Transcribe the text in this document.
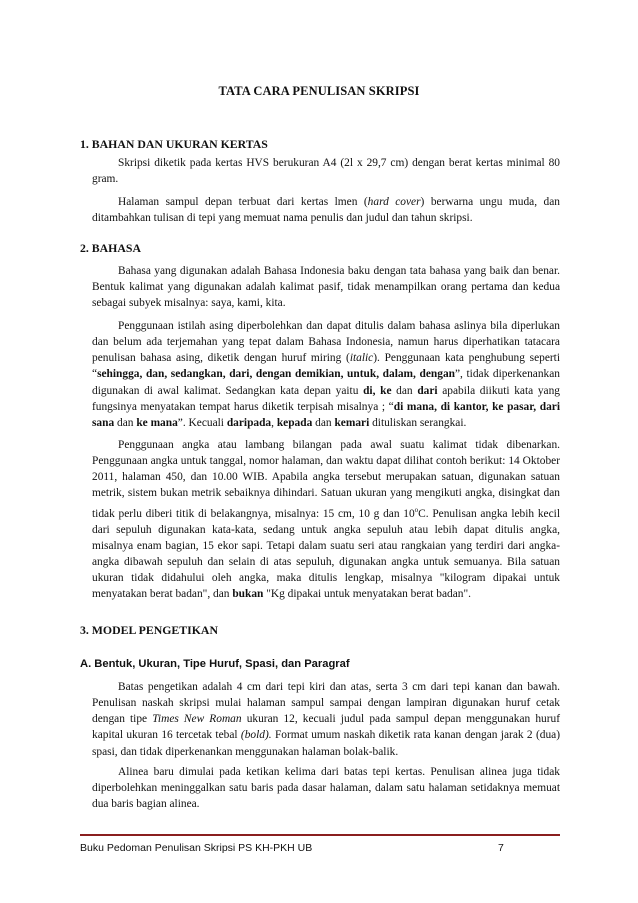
TATA CARA PENULISAN SKRIPSI
1. BAHAN DAN UKURAN KERTAS
Skripsi diketik pada kertas HVS berukuran A4 (2l x 29,7 cm) dengan berat kertas minimal 80 gram.
Halaman sampul depan terbuat dari kertas lmen (hard cover) berwarna ungu muda, dan ditambahkan tulisan di tepi yang memuat nama penulis dan judul dan tahun skripsi.
2. BAHASA
Bahasa yang digunakan adalah Bahasa Indonesia baku dengan tata bahasa yang baik dan benar. Bentuk kalimat yang digunakan adalah kalimat pasif, tidak menampilkan orang pertama dan kedua sebagai subyek misalnya: saya, kami, kita.
Penggunaan istilah asing diperbolehkan dan dapat ditulis dalam bahasa aslinya bila diperlukan dan belum ada terjemahan yang tepat dalam Bahasa Indonesia, namun harus diperhatikan tatacara penulisan bahasa asing, diketik dengan huruf miring (italic). Penggunaan kata penghubung seperti “sehingga, dan, sedangkan, dari, dengan demikian, untuk, dalam, dengan”, tidak diperkenankan digunakan di awal kalimat. Sedangkan kata depan yaitu di, ke dan dari apabila diikuti kata yang fungsinya menyatakan tempat harus diketik terpisah misalnya ; “di mana, di kantor, ke pasar, dari sana dan ke mana”. Kecuali daripada, kepada dan kemari dituliskan serangkai.
Penggunaan angka atau lambang bilangan pada awal suatu kalimat tidak dibenarkan. Penggunaan angka untuk tanggal, nomor halaman, dan waktu dapat dilihat contoh berikut: 14 Oktober 2011, halaman 450, dan 10.00 WIB. Apabila angka tersebut merupakan satuan, digunakan satuan metrik, sistem bukan metrik sebaiknya dihindari. Satuan ukuran yang mengikuti angka, disingkat dan tidak perlu diberi titik di belakangnya, misalnya: 15 cm, 10 g dan 10$^o$C. Penulisan angka lebih kecil dari sepuluh digunakan kata-kata, sedang untuk angka sepuluh atau lebih dapat ditulis angka, misalnya enam bagian, 15 ekor sapi. Tetapi dalam suatu seri atau rangkaian yang terdiri dari angka-angka dibawah sepuluh dan selain di atas sepuluh, digunakan angka untuk semuanya. Bila satuan ukuran tidak didahului oleh angka, maka ditulis lengkap, misalnya "kilogram dipakai untuk menyatakan berat badan", dan bukan "Kg dipakai untuk menyatakan berat badan".
3. MODEL PENGETIKAN
A. Bentuk, Ukuran, Tipe Huruf, Spasi, dan Paragraf
Batas pengetikan adalah 4 cm dari tepi kiri dan atas, serta 3 cm dari tepi kanan dan bawah. Penulisan naskah skripsi mulai halaman sampul sampai dengan lampiran digunakan huruf cetak dengan tipe Times New Roman ukuran 12, kecuali judul pada sampul depan menggunakan huruf kapital ukuran 16 tercetak tebal (bold). Format umum naskah diketik rata kanan dengan jarak 2 (dua) spasi, dan tidak diperkenankan menggunakan halaman bolak-balik.
Alinea baru dimulai pada ketikan kelima dari batas tepi kertas. Penulisan alinea juga tidak diperbolehkan meninggalkan satu baris pada dasar halaman, dalam satu halaman setidaknya memuat dua baris bagian alinea.
Buku Pedoman Penulisan Skripsi PS KH-PKH UB	7
